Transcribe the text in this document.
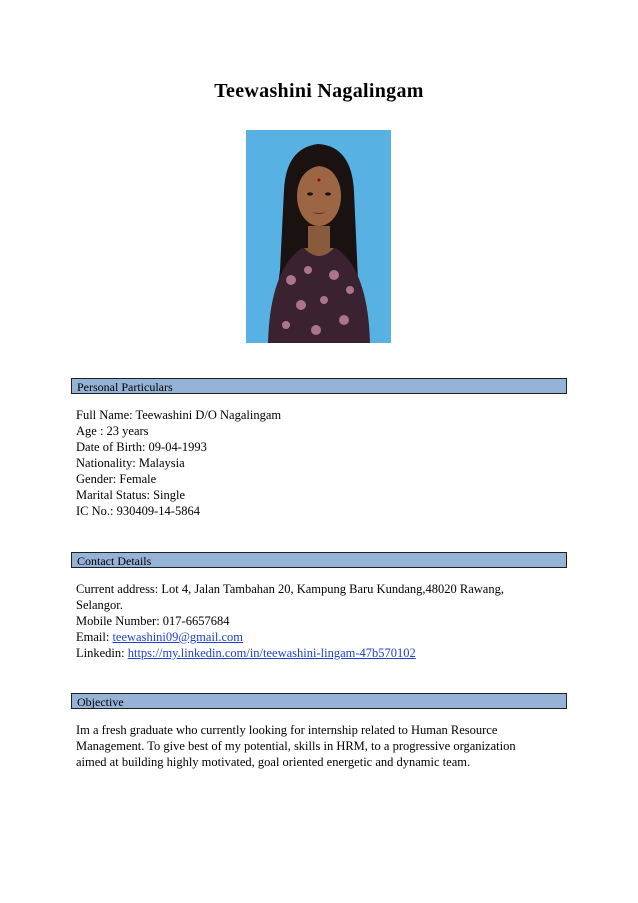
Teewashini Nagalingam
Personal Particulars
Full Name: Teewashini D/O Nagalingam
Age : 23 years
Date of Birth: 09-04-1993
Nationality: Malaysia
Gender: Female
Marital Status: Single
IC No.: 930409-14-5864
Contact Details
Current address: Lot 4, Jalan Tambahan 20, Kampung Baru Kundang,48020 Rawang,
Selangor.
Mobile Number: 017-6657684
Email: teewashini09@gmail.com
Linkedin: https://my.linkedin.com/in/teewashini-lingam-47b570102
Objective
Im a fresh graduate who currently looking for internship related to Human Resource
Management. To give best of my potential, skills in HRM, to a progressive organization
aimed at building highly motivated, goal oriented energetic and dynamic team.
